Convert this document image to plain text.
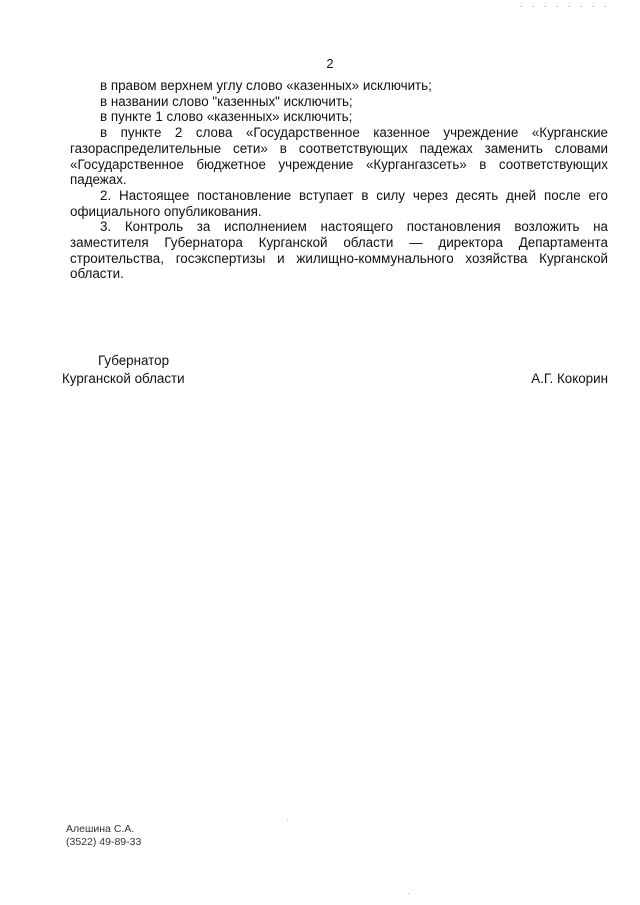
2

в правом верхнем углу слово «казенных» исключить;

в названии слово "казенных" исключить;

в пункте 1 слово «казенных» исключить;

в пункте 2 слова «Государственное казенное учреждение «Курганские газораспределительные сети» в соответствующих падежах заменить словами «Государственное бюджетное учреждение «Кургангазсеть» в соответствующих падежах.

2. Настоящее постановление вступает в силу через десять дней после его официального опубликования.

3. Контроль за исполнением настоящего постановления возложить на заместителя Губернатора Курганской области — директора Департамента строительства, госэкспертизы и жилищно-коммунального хозяйства Курганской области.

Губернатор
Курганской области	А.Г. Кокорин
Алешина С.А.
(3522) 49-89-33
